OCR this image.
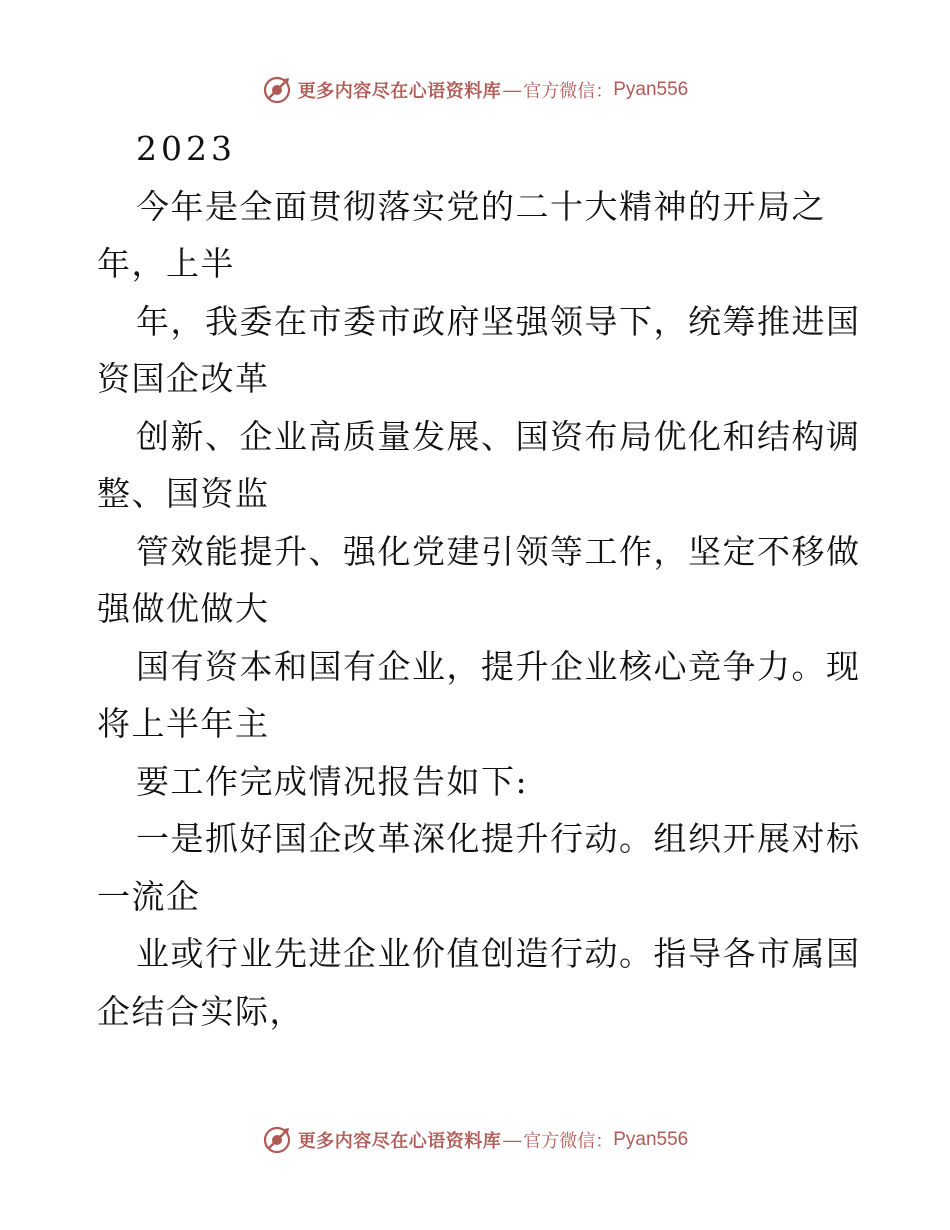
更多内容尽在心语资料库 — 官方微信： Pyan556
2023
今年是全面贯彻落实党的二十大精神的开局之
年，上半
年，我委在市委市政府坚强领导下，统筹推进国
资国企改革
创新、企业高质量发展、国资布局优化和结构调
整、国资监
管效能提升、强化党建引领等工作，坚定不移做
强做优做大
国有资本和国有企业，提升企业核心竞争力。现
将上半年主
要工作完成情况报告如下:
一是抓好国企改革深化提升行动。组织开展对标
一流企
业或行业先进企业价值创造行动。指导各市属国
企结合实际，
更多内容尽在心语资料库 — 官方微信： Pyan556
